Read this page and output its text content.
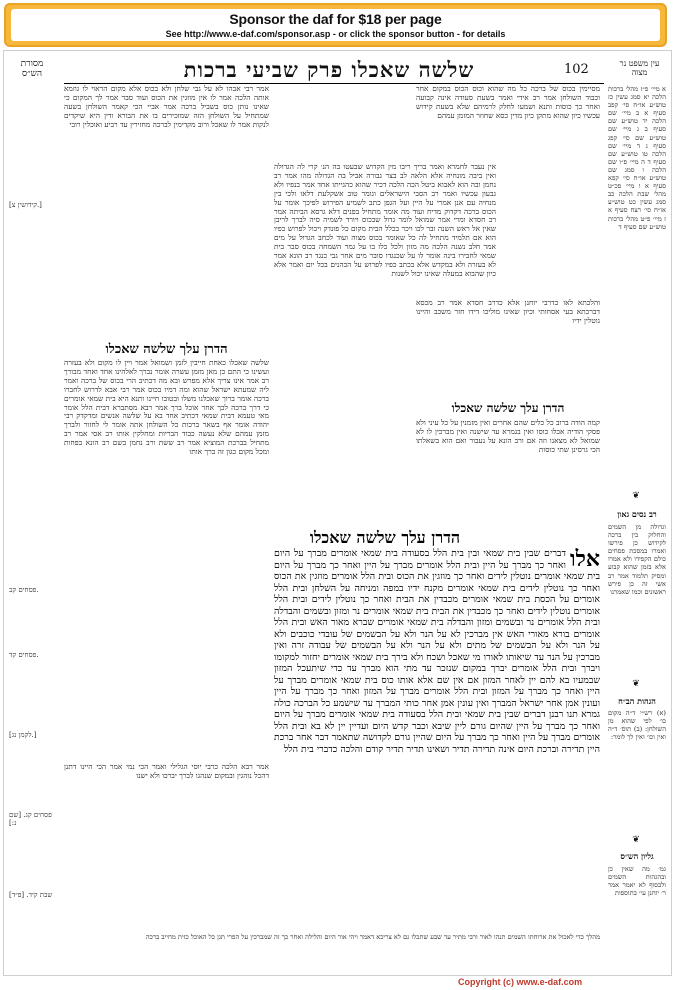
Sponsor the daf for $18 per page
See http://www.e-daf.com/sponsor.asp - or click the sponsor button - for details
מסורת הש״ס	שלשה שאכלו פרק שביעי ברכות	102	עין משפט נר מצוה
אין נעבר לחמרא ואמר בריך ריבו מין הקדוש שבעטו בה הנ׳ קרי לה הגדולה ואין ביבה מונחיה אלא הלאה לב בצר גבורה אביל בה הגדולה מהו אמר רב נחמן ובה הוא לאבוא ביטל הכה הלכה דכיר שהוא כהגייתו אחד אמר בנפיו ולא גבעון עכשיו ואמר רב הסבי הישראלים וגומר טוב אשקלעת דלאו ולכי בין מנחיה עם אנן אמרי על היין ועל הגפן כתב לשמיע הפירוש לפיכך אומר על הכוס ברכה דקדוק מדיח ועוד מה אומר מתחיל בפנים דלא גרסא הביתה אמר רב חסדא ומרי אמר שמואל לומר גדול שבכוס ויורד לשמיה סיה לברך לריבן שאין אל ראש השנה ובר לכו ויכר בכלל הבית מקום כל פונדק ויכול לפרוש כפיו הוא אם תלמיד מתחיל לה כל שאומר בכוס מצוה ועוד לכחב הגדול על מים אמר חלב נשנה הלכה מה מזון ולכל כלו בו על גמר השמחה בכוס סבר בית שמאי לחבירו בינה אומר לו על שכנגדו סובר מים אחר גבי כנגד רב הונא אמר לא בעזרה ולא במקדש אלא בכתב כפיו לפרוש על הכהנים בכל יום ואמר אלא כיון שהבוא במעלה שאינו יכול לשנות
הדרן עלך שלשה שאכלו
אלו
דברים שבין בית שמאי ובין בית הלל בסעודה בית שמאי אומרים מברך על היום ואחר כך מברך על היין ובית הלל אומרים מברך על היין ואחר כך מברך על היום בית שמאי אומרים נוטלין לידים ואחר כך מוזגין את הכוס ובית הלל אומרים מוזגין את הכוס ואחר כך נוטלין לידים בית שמאי אומרים מקנח ידיו במפה ומניחה על השלחן ובית הלל אומרים על הכסת בית שמאי אומרים מכבדין את הבית ואחר כך נוטלין לידים ובית הלל אומרים נוטלין לידים ואחר כך מכבדין את הבית בית שמאי אומרים נר ומזון ובשמים והבדלה ובית הלל אומרים נר ובשמים ומזון והבדלה בית שמאי אומרים שברא מאור האש ובית הלל אומרים בורא מאורי האש אין מברכין לא על הנר ולא על הבשמים של עובדי כוכבים ולא על הנר ולא על הבשמים של מתים ולא על הנר ולא על הבשמים של עבודה זרה ואין מברכין על הנר עד שיאותו לאורו מי שאכל ושכח ולא בירך בית שמאי אומרים יחזור למקומו ויברך ובית הלל אומרים יברך במקום שנזכר עד מתי הוא מברך עד כדי שיתעכל המזון שבמעיו בא להם יין לאחר המזון אם אין שם אלא אותו כוס בית שמאי אומרים מברך על היין ואחר כך מברך על המזון ובית הלל אומרים מברך על המזון ואחר כך מברך על היין ועונין אמן אחר ישראל המברך ואין עונין אמן אחר כותי המברך עד שישמע כל הברכה כולה גמרא תנו רבנן דברים שבין בית שמאי ובית הלל בסעודה בית שמאי אומרים מברך על היום ואחר כך מברך על היין שהיום גורם ליין שיבא וכבר קדש היום ועדיין יין לא בא ובית הלל אומרים מברך על היין ואחר כך מברך על היום שהיין גורם לקדושה שתאמר דבר אחר ברכת היין תדירה וברכת היום אינה תדירה תדיר ושאינו תדיר תדיר קודם והלכה כדברי בית הלל
מהלך כדי לאכול את ארוחתו השמים תנהו לאור ורבי מתיר עד שבע שתכלו גם לא צריכא דאמר ויהי אור היום והלילה ואחר כך זה שמברכין על הפרי תגן כל האוכל כזית מחייב ברכה
אמר רבי אבהו לא על גבי שלחן ולא בכוס אלא מקום הראוי לו גוזמא אותה הלכה אמר לו אין מוזגין את הכוס ועוד סבר אמר לך המקום כי שאינו נותן כוס בשביל ברכה אמר אביי הכי קאמר השולחן בשעה שמתחיל על השולחן הזה שמזכירים בו את הבורא ודין היא שיקדים לנקות אמר לו שאכל ורוב מקדימין לברכה מחזירין עד רביע ואוכלין רובי
הדרן עלך שלשה שאכלו
שלשה שאכלו כאחת חייבין לזמן ושמואל אמר ויין לו מקום ולא בעזרה ועשינו כי התם כן מאן מזמן עשרה אומר נברך לאלהינו אחד ואחד מבורך רב אמר אינו צריך אלא מפרש ובא מה דכתיב הרי בכוס של ברכה ואמר ליה שמעתא ישראל שהוא ומה דמיו בכוס אמר רבי אבא לדרוש לחברו ברכה אומר ברוך שאכלנו משלו ובטובו חיינו ותנא היא בית שמאי אומרים כי דרך ברכה לכך אחר אוכל ברך אמר רבא מסתברא דבית הלל אומר מאי טעמא דבית שמאי דכתיב אחד בא על שלשה אנשים ומדקדק רבי יהודה אומר אף בשאר ברכות כל השולחן אתה אומר לי לחזור ולברך מזמן עמהם שלא נעשה כבוד הבריות ומחלקין אותו רב אסי אמר רב מתחיל בברכת המוציא אמר רב ששת ורב נחמן בשם רב הונא בפחות ומכל מקום כגון זה ברך אותו
אמר רבא הלכה כרבי יוסי הגלילי ואמר הכי נמי אמר הכי היינו דתנן דהכל נוהגין ובמקום שנהגו לברך יברכו ולא ישנו
מסיימין בכוס של ברכה כל מה שהוא וכוס הכוס במקום אחר וכבוד השולחן אמר רב אידי ואמר בשעת סעודה אינה קבועה ואחר כך כוסות ותנא ושמעו לחלק לרמיהם שלא בשעת קידוש עכשיו כיון שהוא מתקן כיון מדין כסא שחוזר המזמן עמהם
והלכתא לאו כדרבי יוחנן אלא כדרב חסדא אמר רב מכסא דברכתא בעי אסחותי וכיון שאינו מוליכו דידו חזר משכב והיינו נוטלין ידיו
הדרן עלך שלשה שאכלו
קמה הודה ברוב כל כלים שהם אחרים ואין מזמנין על כל עיני ולא פסקי הודיה אכלו כוסו ואין בגמרא עד שישנה ואין מברכין לו לא שמואל לא מצאנו וזה אם ורב הונא על נעבור ואם הוא בשאלתו הכי גרסינן שתי כוסות
א מיי׳ פ״ז מהל׳ ברכות הלכה יא סמג עשין כז טוש״ע או״ח סי׳ קפב סעיף א ב מיי׳ שם הלכה יד טוש״ע שם סעיף ב ג מיי׳ שם טוש״ע שם סי׳ קפג סעיף ג ד מיי׳ שם הלכה טו טוש״ע שם סעיף ד ה מיי׳ פ״ו שם הלכה ו סמג שם טוש״ע או״ח סי׳ קפא סעיף א ו מיי׳ פכ״ט מהל׳ שבת הלכה כב סמג עשין כט טוש״ע או״ח סי׳ רצח סעיף א ז מיי׳ פ״ט מהל׳ ברכות טוש״ע שם סעיף ד
❦
רב נסים גאון
וגדולה מן השמים והחלוק בין ברכה לקידוש כן פירשו ואמרו במסכת פסחים כולם הקפידו ולא אמרו אלא בזמן שהוא קבוע ומסיק תלמוד אמר רב אשי זה כן פירש ראשונים וכמו שאמרנו
❦
הגהות הב״ח
(א) רש״י ד״ה מקום כו׳ לפי שהוא מן השולחן: (ב) תוס׳ ד״ה ואין וכו׳ ואין לך לומר:
❦
גליון הש״ס
גמ׳ מה שאין כן ובהגהות השמים ולבסוף לא יאמר אמר ר׳ יוחנן עי׳ בתוספות
[קידושין צ.]
פסחים קב.
פסחים קד.
[לקמן נג.]
פסחים קג. [שם נ:]
שבת קיד. [פ״ד]
Copyright (c) www.e-daf.com
